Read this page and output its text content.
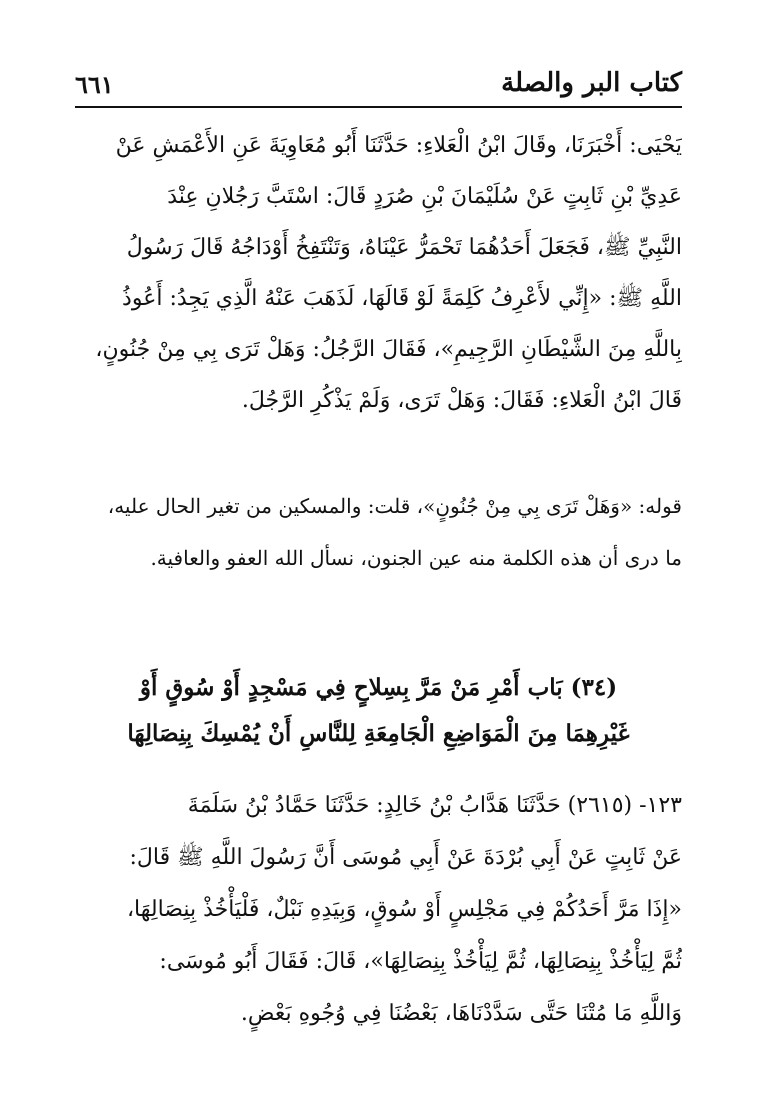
كتاب البر والصلة
٦٦١
يَحْيَى: أَخْبَرَنَا، وقَالَ ابْنُ الْعَلاءِ: حَدَّثَنَا أَبُو مُعَاوِيَةَ عَنِ الأَعْمَشِ عَنْ
عَدِيِّ بْنِ ثَابِتٍ عَنْ سُلَيْمَانَ بْنِ صُرَدٍ قَالَ: اسْتَبَّ رَجُلانِ عِنْدَ
النَّبِيِّ ﷺ، فَجَعَلَ أَحَدُهُمَا تَحْمَرُّ عَيْنَاهُ، وَتَنْتَفِخُ أَوْدَاجُهُ قَالَ رَسُولُ
اللَّهِ ﷺ: «إِنِّي لأَعْرِفُ كَلِمَةً لَوْ قَالَهَا، لَذَهَبَ عَنْهُ الَّذِي يَجِدُ: أَعُوذُ
بِاللَّهِ مِنَ الشَّيْطَانِ الرَّجِيمِ»، فَقَالَ الرَّجُلُ: وَهَلْ تَرَى بِي مِنْ جُنُونٍ،
قَالَ ابْنُ الْعَلاءِ: فَقَالَ: وَهَلْ تَرَى، وَلَمْ يَذْكُرِ الرَّجُلَ.
قوله: «وَهَلْ تَرَى بِي مِنْ جُنُونٍ»، قلت: والمسكين من تغير الحال عليه،
ما درى أن هذه الكلمة منه عين الجنون، نسأل الله العفو والعافية.
(٣٤) بَاب أَمْرِ مَنْ مَرَّ بِسِلاحٍ فِي مَسْجِدٍ أَوْ سُوقٍ أَوْ
غَيْرِهِمَا مِنَ الْمَوَاضِعِ الْجَامِعَةِ لِلنَّاسِ أَنْ يُمْسِكَ بِنِصَالِهَا
١٢٣- (٢٦١٥) حَدَّثَنَا هَدَّابُ بْنُ خَالِدٍ: حَدَّثَنَا حَمَّادُ بْنُ سَلَمَةَ
عَنْ ثَابِتٍ عَنْ أَبِي بُرْدَةَ عَنْ أَبِي مُوسَى أَنَّ رَسُولَ اللَّهِ ﷺ قَالَ:
«إِذَا مَرَّ أَحَدُكُمْ فِي مَجْلِسٍ أَوْ سُوقٍ، وَبِيَدِهِ نَبْلٌ، فَلْيَأْخُذْ بِنِصَالِهَا،
ثُمَّ لِيَأْخُذْ بِنِصَالِهَا، ثُمَّ لِيَأْخُذْ بِنِصَالِهَا»، قَالَ: فَقَالَ أَبُو مُوسَى:
وَاللَّهِ مَا مُتْنَا حَتَّى سَدَّدْنَاهَا، بَعْضُنَا فِي وُجُوهِ بَعْضٍ.
